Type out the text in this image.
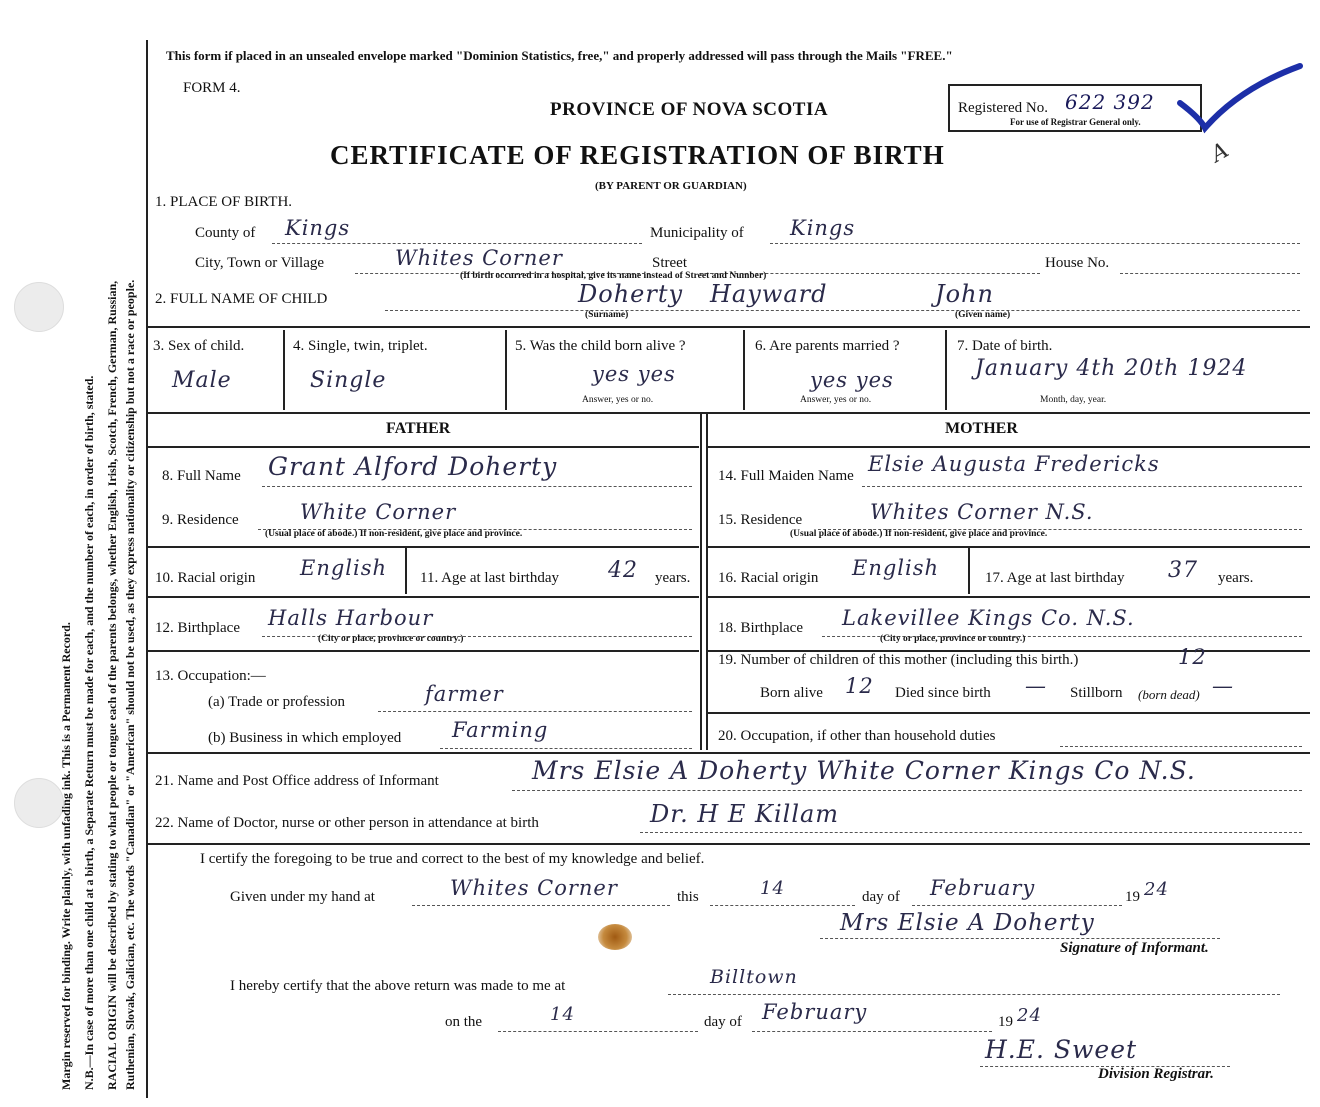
Margin reserved for binding. Write plainly, with unfading ink. This is a Permanent Record. N.B.—In case of more than one child at a birth, a Separate Return must be made for each, and the number of each, in order of birth, stated. RACIAL ORIGIN will be described by stating to what people or tongue each of the parents belongs, whether English, Irish, Scotch, French, German, Russian, Ruthenian, Slovak, Galician, etc. The words "Canadian" or "American" should not be used, as they express nationality or citizenship but not a race or people.
This form if placed in an unsealed envelope marked "Dominion Statistics, free," and properly addressed will pass through the Mails "FREE."
FORM 4.
PROVINCE OF NOVA SCOTIA	Registered No. 622 392
For use of Registrar General only.
A
CERTIFICATE OF REGISTRATION OF BIRTH
(BY PARENT OR GUARDIAN)
1. PLACE OF BIRTH.
County of Kings	Municipality of Kings
City, Town or Village	Whites Corner	Street	House No.
(If birth occurred in a hospital, give its name instead of Street and Number)
2. FULL NAME OF CHILD	Doherty Hayward	John
(Surname)	(Given name)
3. Sex of child.
Male
4. Single, twin, triplet.
Single
5. Was the child born alive ?
yes yes
Answer, yes or no.
6. Are parents married ?
yes yes
Answer, yes or no.
7. Date of birth.
January 4th 20th 1924
Month, day, year.
FATHER	MOTHER
8. Full Name Grant Alford Doherty
9. Residence	White Corner
(Usual place of abode.) If non-resident, give place and province.
10. Racial origin English 11. Age at last birthday 42 years.
12. Birthplace Halls Harbour
(City or place, province or country.)
13. Occupation:—
(a) Trade or profession	farmer
(b) Business in which employed Farming
14. Full Maiden Name Elsie Augusta Fredericks
15. Residence	Whites Corner N.S.
(Usual place of abode.) If non-resident, give place and province.
16. Racial origin English	17. Age at last birthday 37 years.
18. Birthplace Lakevillee Kings Co. N.S.
(City or place, province or country.)
19. Number of children of this mother (including this birth.)	12
Born alive 12 Died since birth — Stillborn (born dead) —
20. Occupation, if other than household duties
21. Name and Post Office address of Informant	Mrs Elsie A Doherty White Corner Kings Co N.S.
22. Name of Doctor, nurse or other person in attendance at birth	Dr. H E Killam
I certify the foregoing to be true and correct to the best of my knowledge and belief.
Given under my hand at	Whites Corner	this	14	day of February	19 24
Mrs Elsie A Doherty
Signature of Informant.
I hereby certify that the above return was made to me at	Billtown
on the	14	day of February	19 24
H.E. Sweet
Division Registrar.
